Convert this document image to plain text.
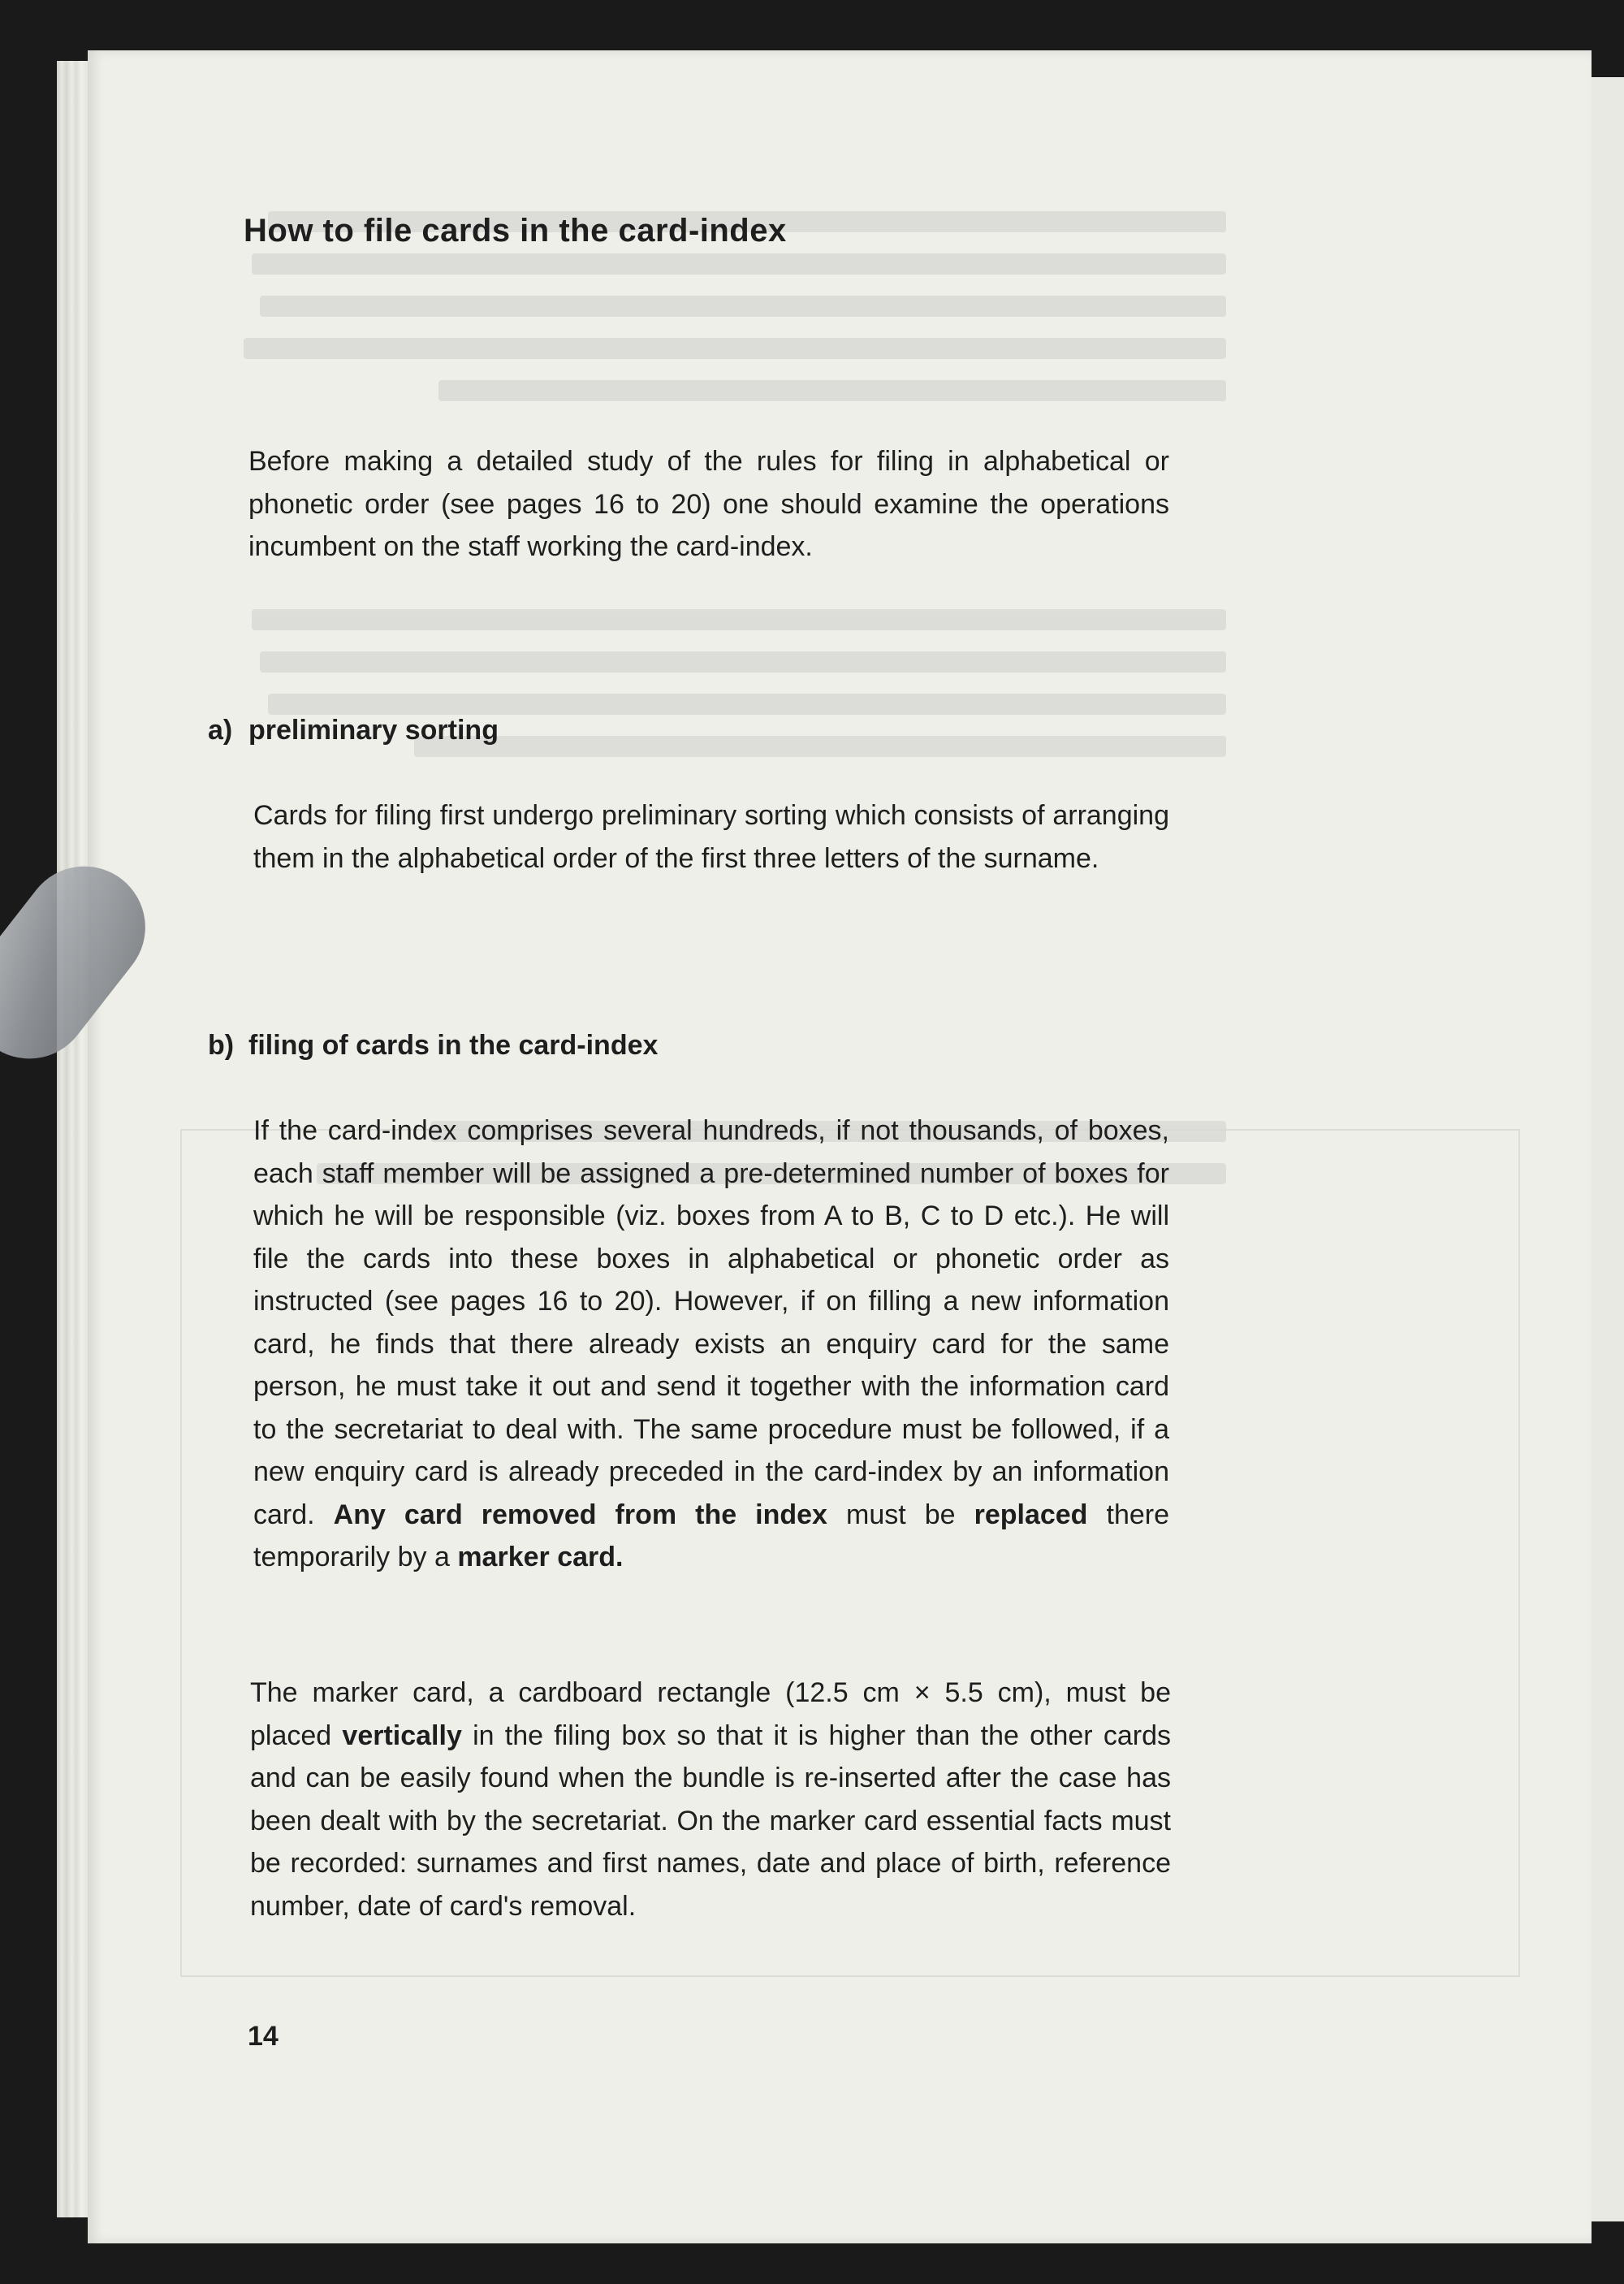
How to file cards in the card-index

Before making a detailed study of the rules for filing in alphabetical or phonetic order (see pages 16 to 20) one should examine the operations incumbent on the staff working the card-index.

a) preliminary sorting

Cards for filing first undergo preliminary sorting which consists of arranging them in the alphabetical order of the first three letters of the surname.

b) filing of cards in the card-index

If the card-index comprises several hundreds, if not thousands, of boxes, each staff member will be assigned a pre-determined number of boxes for which he will be responsible (viz. boxes from A to B, C to D etc.). He will file the cards into these boxes in alphabetical or phonetic order as instructed (see pages 16 to 20). However, if on filling a new information card, he finds that there already exists an enquiry card for the same person, he must take it out and send it together with the information card to the secretariat to deal with. The same procedure must be followed, if a new enquiry card is already preceded in the card-index by an information card. Any card removed from the index must be replaced there temporarily by a marker card.

The marker card, a cardboard rectangle (12.5 cm × 5.5 cm), must be placed vertically in the filing box so that it is higher than the other cards and can be easily found when the bundle is re-inserted after the case has been dealt with by the secretariat. On the marker card essential facts must be recorded: surnames and first names, date and place of birth, reference number, date of card's removal.

14
